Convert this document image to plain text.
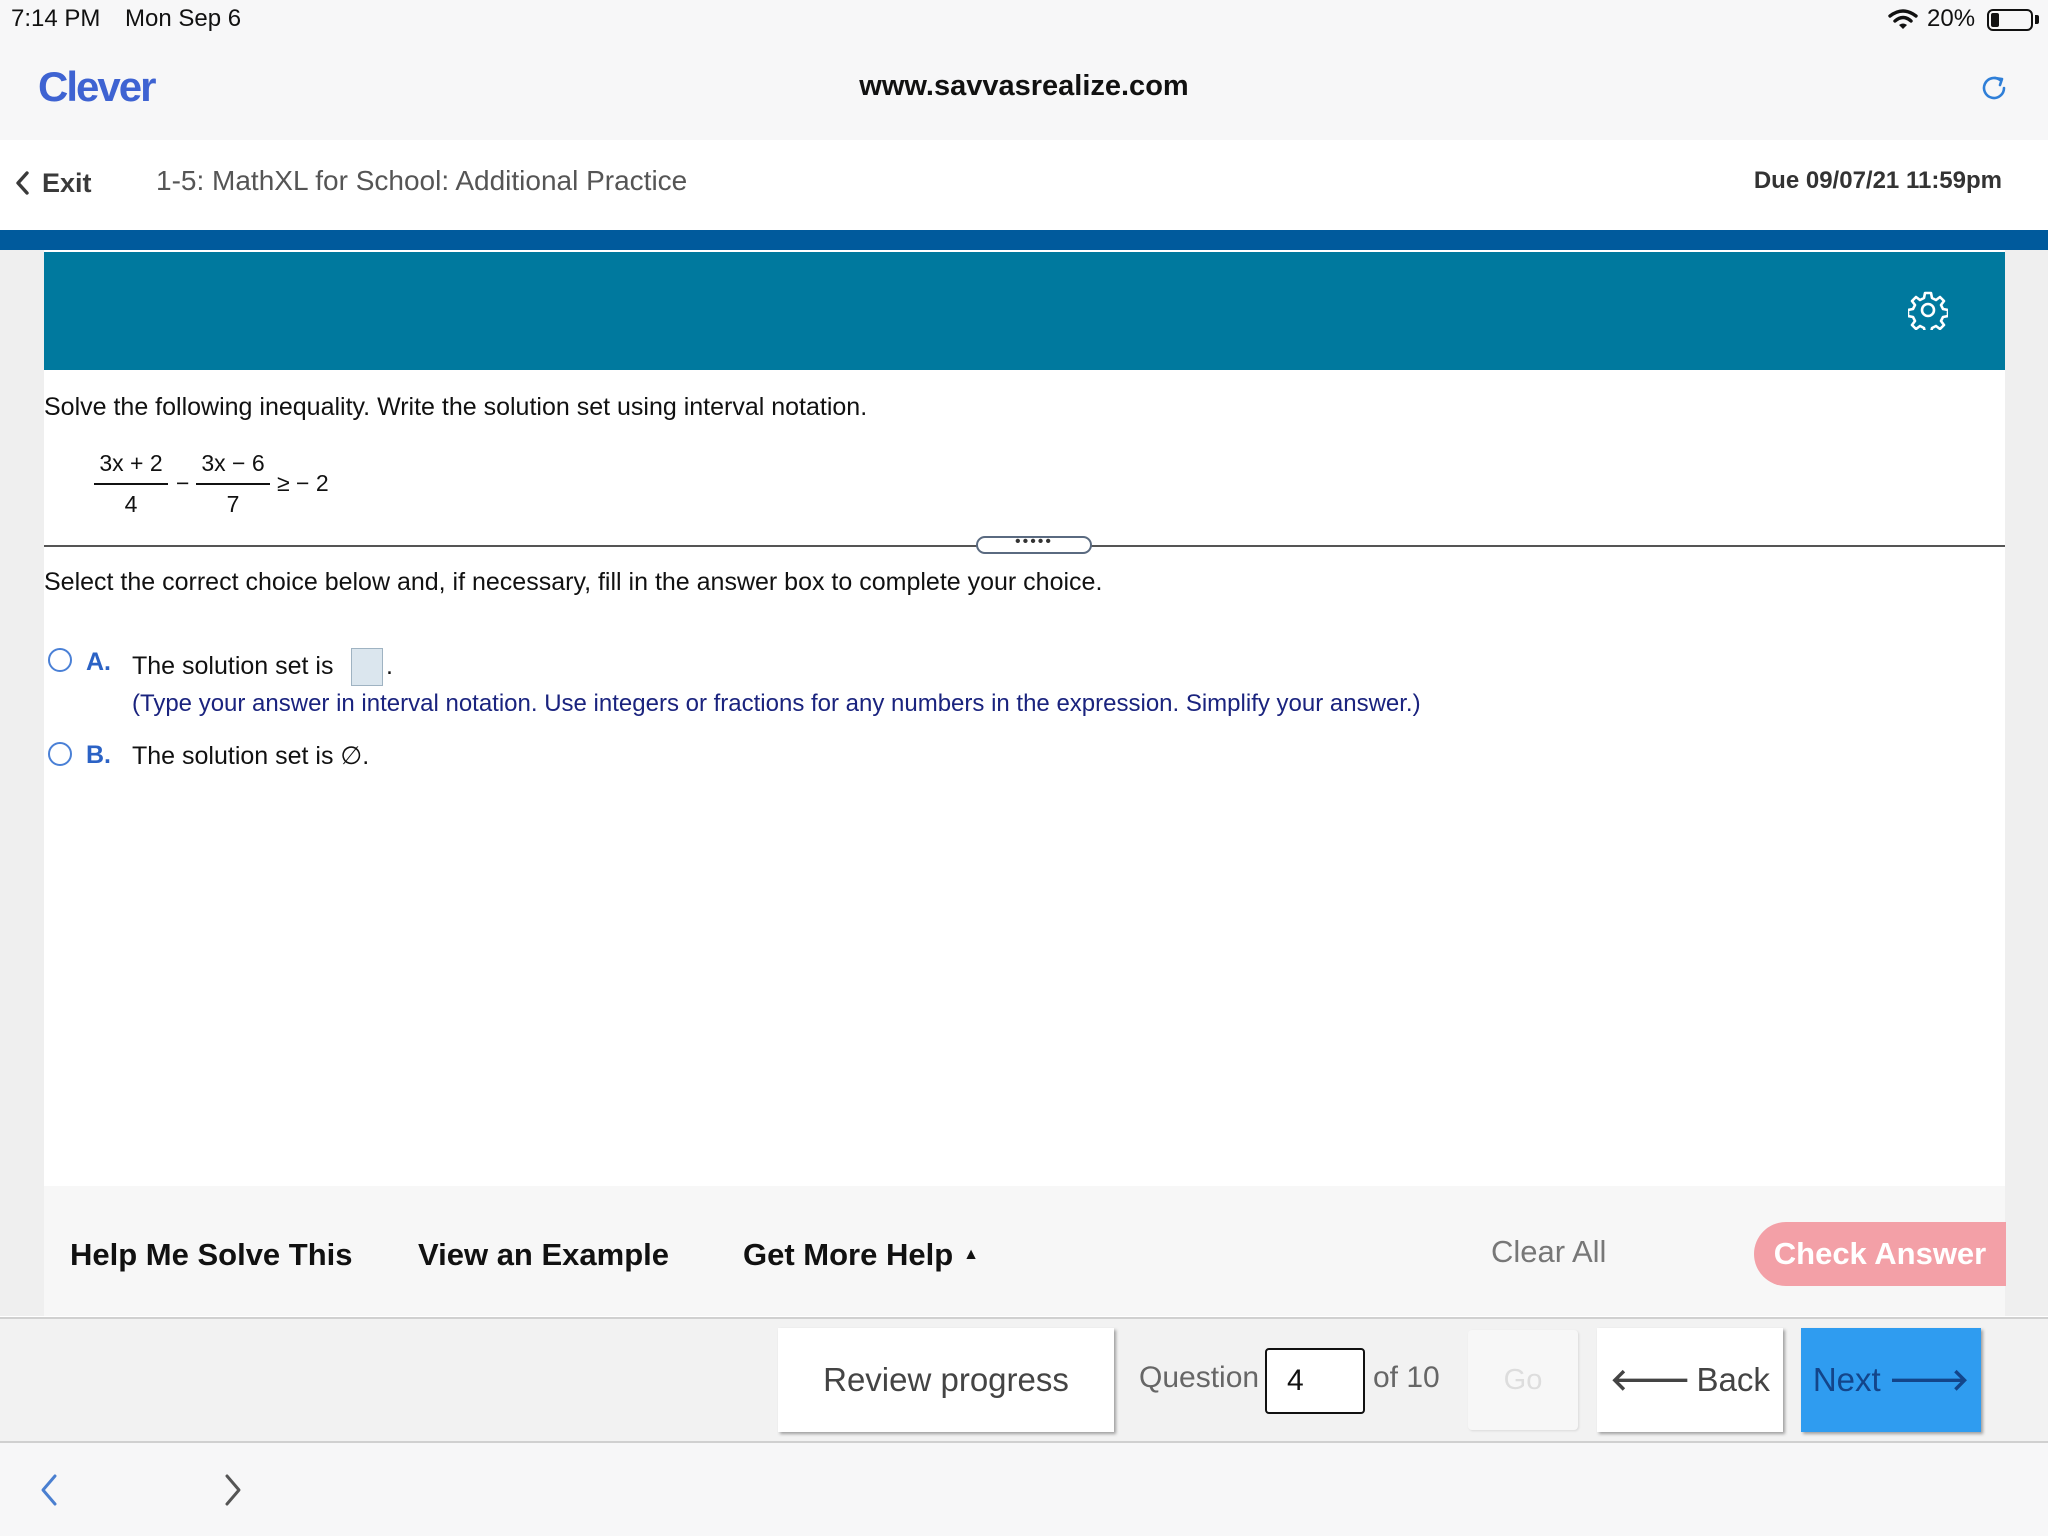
7:14 PM Mon Sep 6	20%
Clever	www.savvasrealize.com
Exit 1-5: MathXL for School: Additional Practice	Due 09/07/21 11:59pm
Solve the following inequality. Write the solution set using interval notation.
$\frac{3x + 2}{4} - \frac{3x - 6}{7}$ ≥ − 2
•••••
Select the correct choice below and, if necessary, fill in the answer box to complete your choice.
A. The solution set is .
(Type your answer in interval notation. Use integers or fractions for any numbers in the expression. Simplify your answer.)
B. The solution set is ∅.
Help Me Solve This View an Example Get More Help ▲	Clear All	Check Answer
Review progress	Question
4	of 10	Go	🡐 Back Next 🡒
